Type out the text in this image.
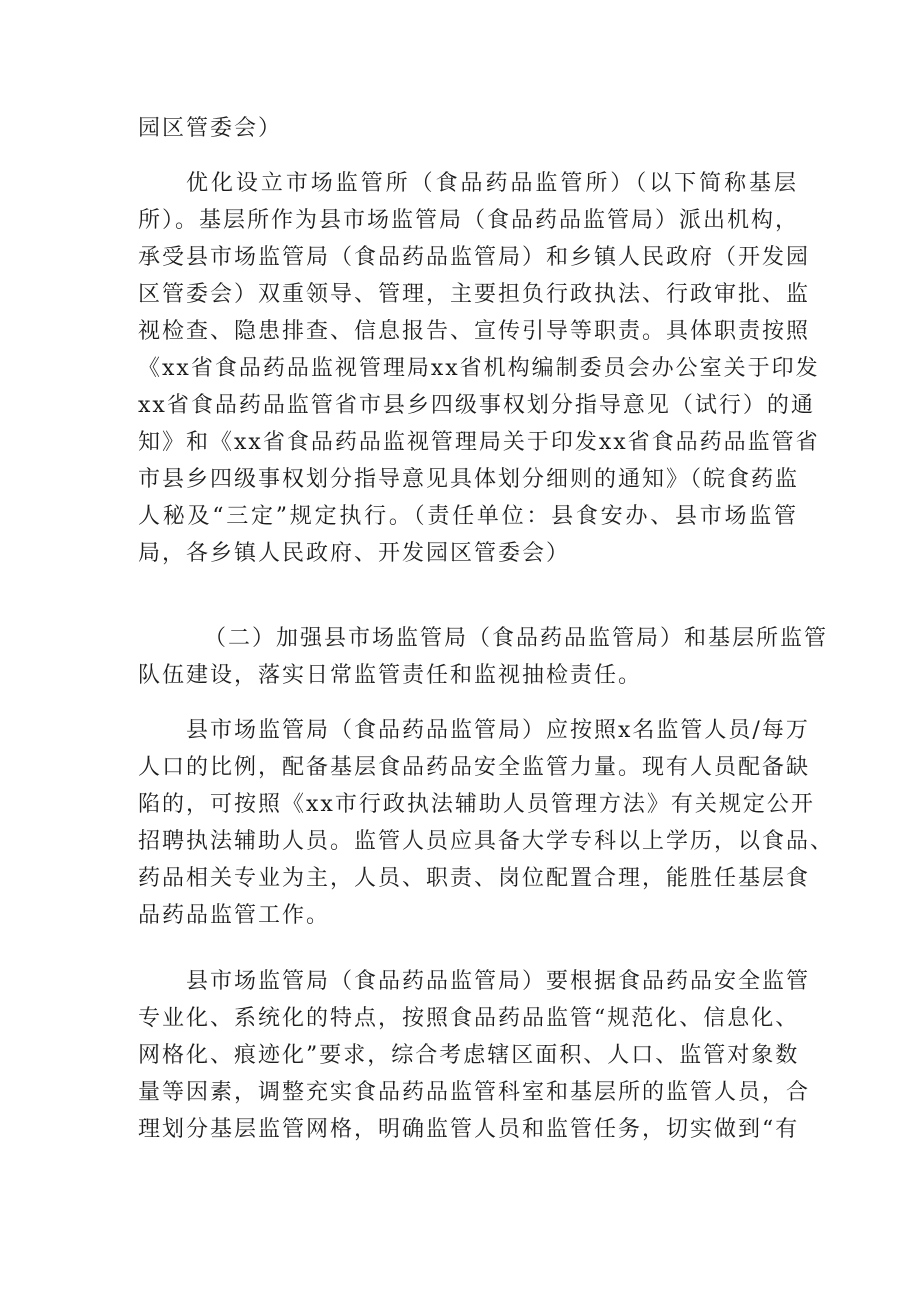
园区管委会）
优化设立市场监管所（食品药品监管所）（以下简称基层
所）。基层所作为县市场监管局（食品药品监管局）派出机构，
承受县市场监管局（食品药品监管局）和乡镇人民政府（开发园
区管委会）双重领导、管理，主要担负行政执法、行政审批、监
视检查、隐患排查、信息报告、宣传引导等职责。具体职责按照
《xx省食品药品监视管理局xx省机构编制委员会办公室关于印发
xx省食品药品监管省市县乡四级事权划分指导意见（试行）的通
知》和《xx省食品药品监视管理局关于印发xx省食品药品监管省
市县乡四级事权划分指导意见具体划分细则的通知》（皖食药监
人秘及“三定”规定执行。（责任单位：县食安办、县市场监管
局，各乡镇人民政府、开发园区管委会）
（二）加强县市场监管局（食品药品监管局）和基层所监管
队伍建设，落实日常监管责任和监视抽检责任。
县市场监管局（食品药品监管局）应按照x名监管人员/每万
人口的比例，配备基层食品药品安全监管力量。现有人员配备缺
陷的，可按照《xx市行政执法辅助人员管理方法》有关规定公开
招聘执法辅助人员。监管人员应具备大学专科以上学历，以食品、
药品相关专业为主，人员、职责、岗位配置合理，能胜任基层食
品药品监管工作。
县市场监管局（食品药品监管局）要根据食品药品安全监管
专业化、系统化的特点，按照食品药品监管“规范化、信息化、
网格化、痕迹化”要求，综合考虑辖区面积、人口、监管对象数
量等因素，调整充实食品药品监管科室和基层所的监管人员，合
理划分基层监管网格，明确监管人员和监管任务，切实做到“有
